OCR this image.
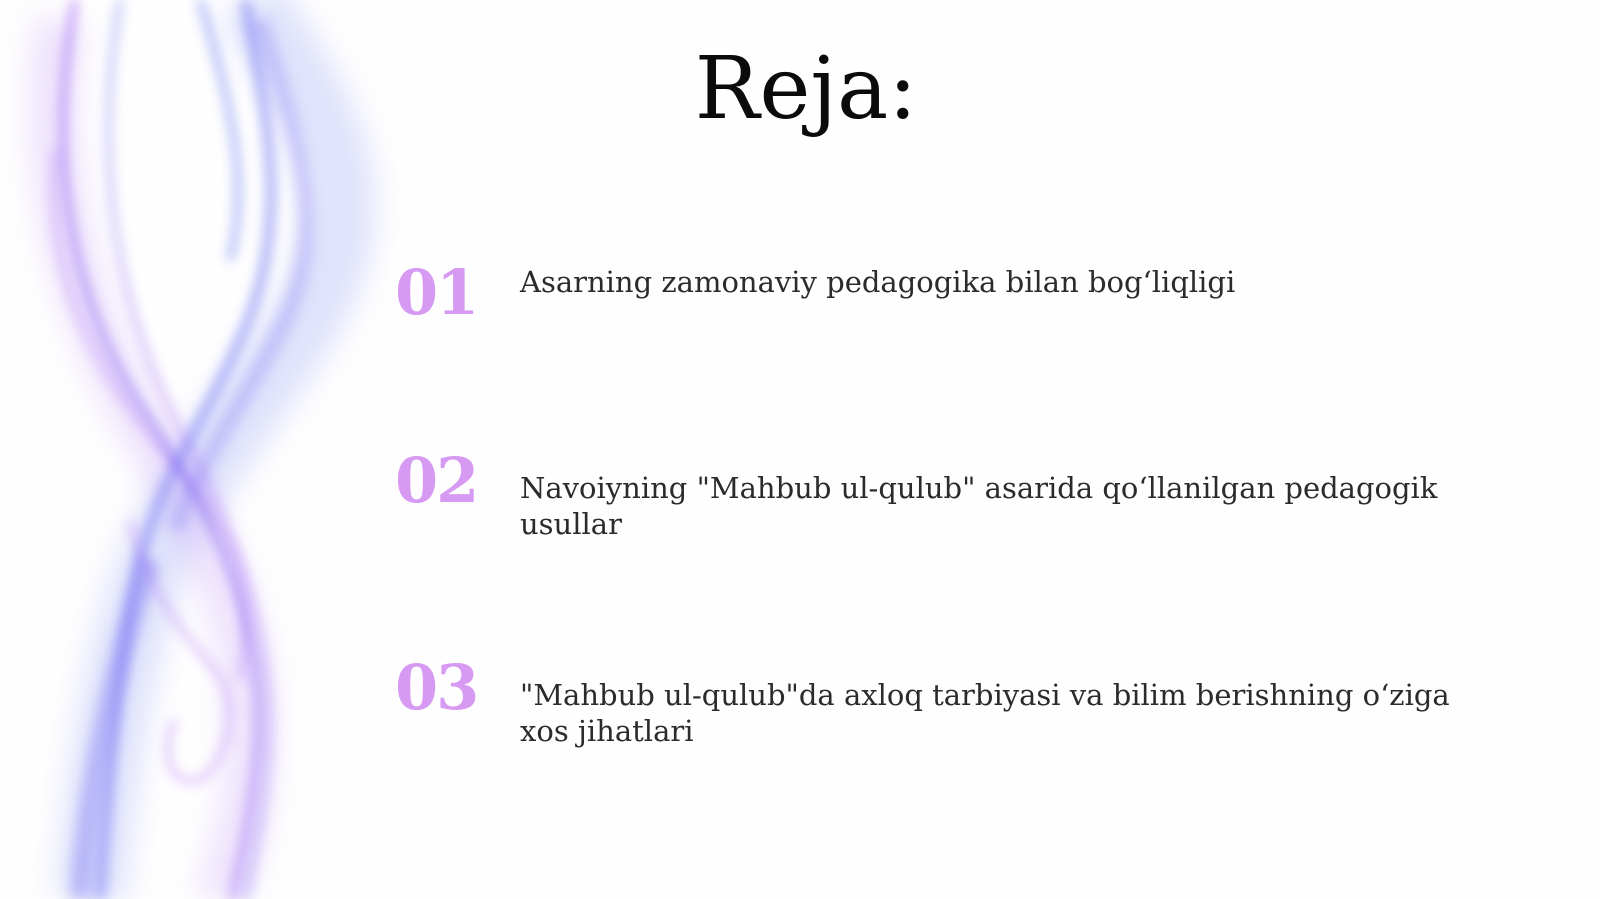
Reja:
01 Asarning zamonaviy pedagogika bilan bog‘liqligi
02 Navoiyning "Mahbub ul-qulub" asarida qo‘llanilgan pedagogik usullar
03 "Mahbub ul-qulub"da axloq tarbiyasi va bilim berishning o‘ziga xos jihatlari
